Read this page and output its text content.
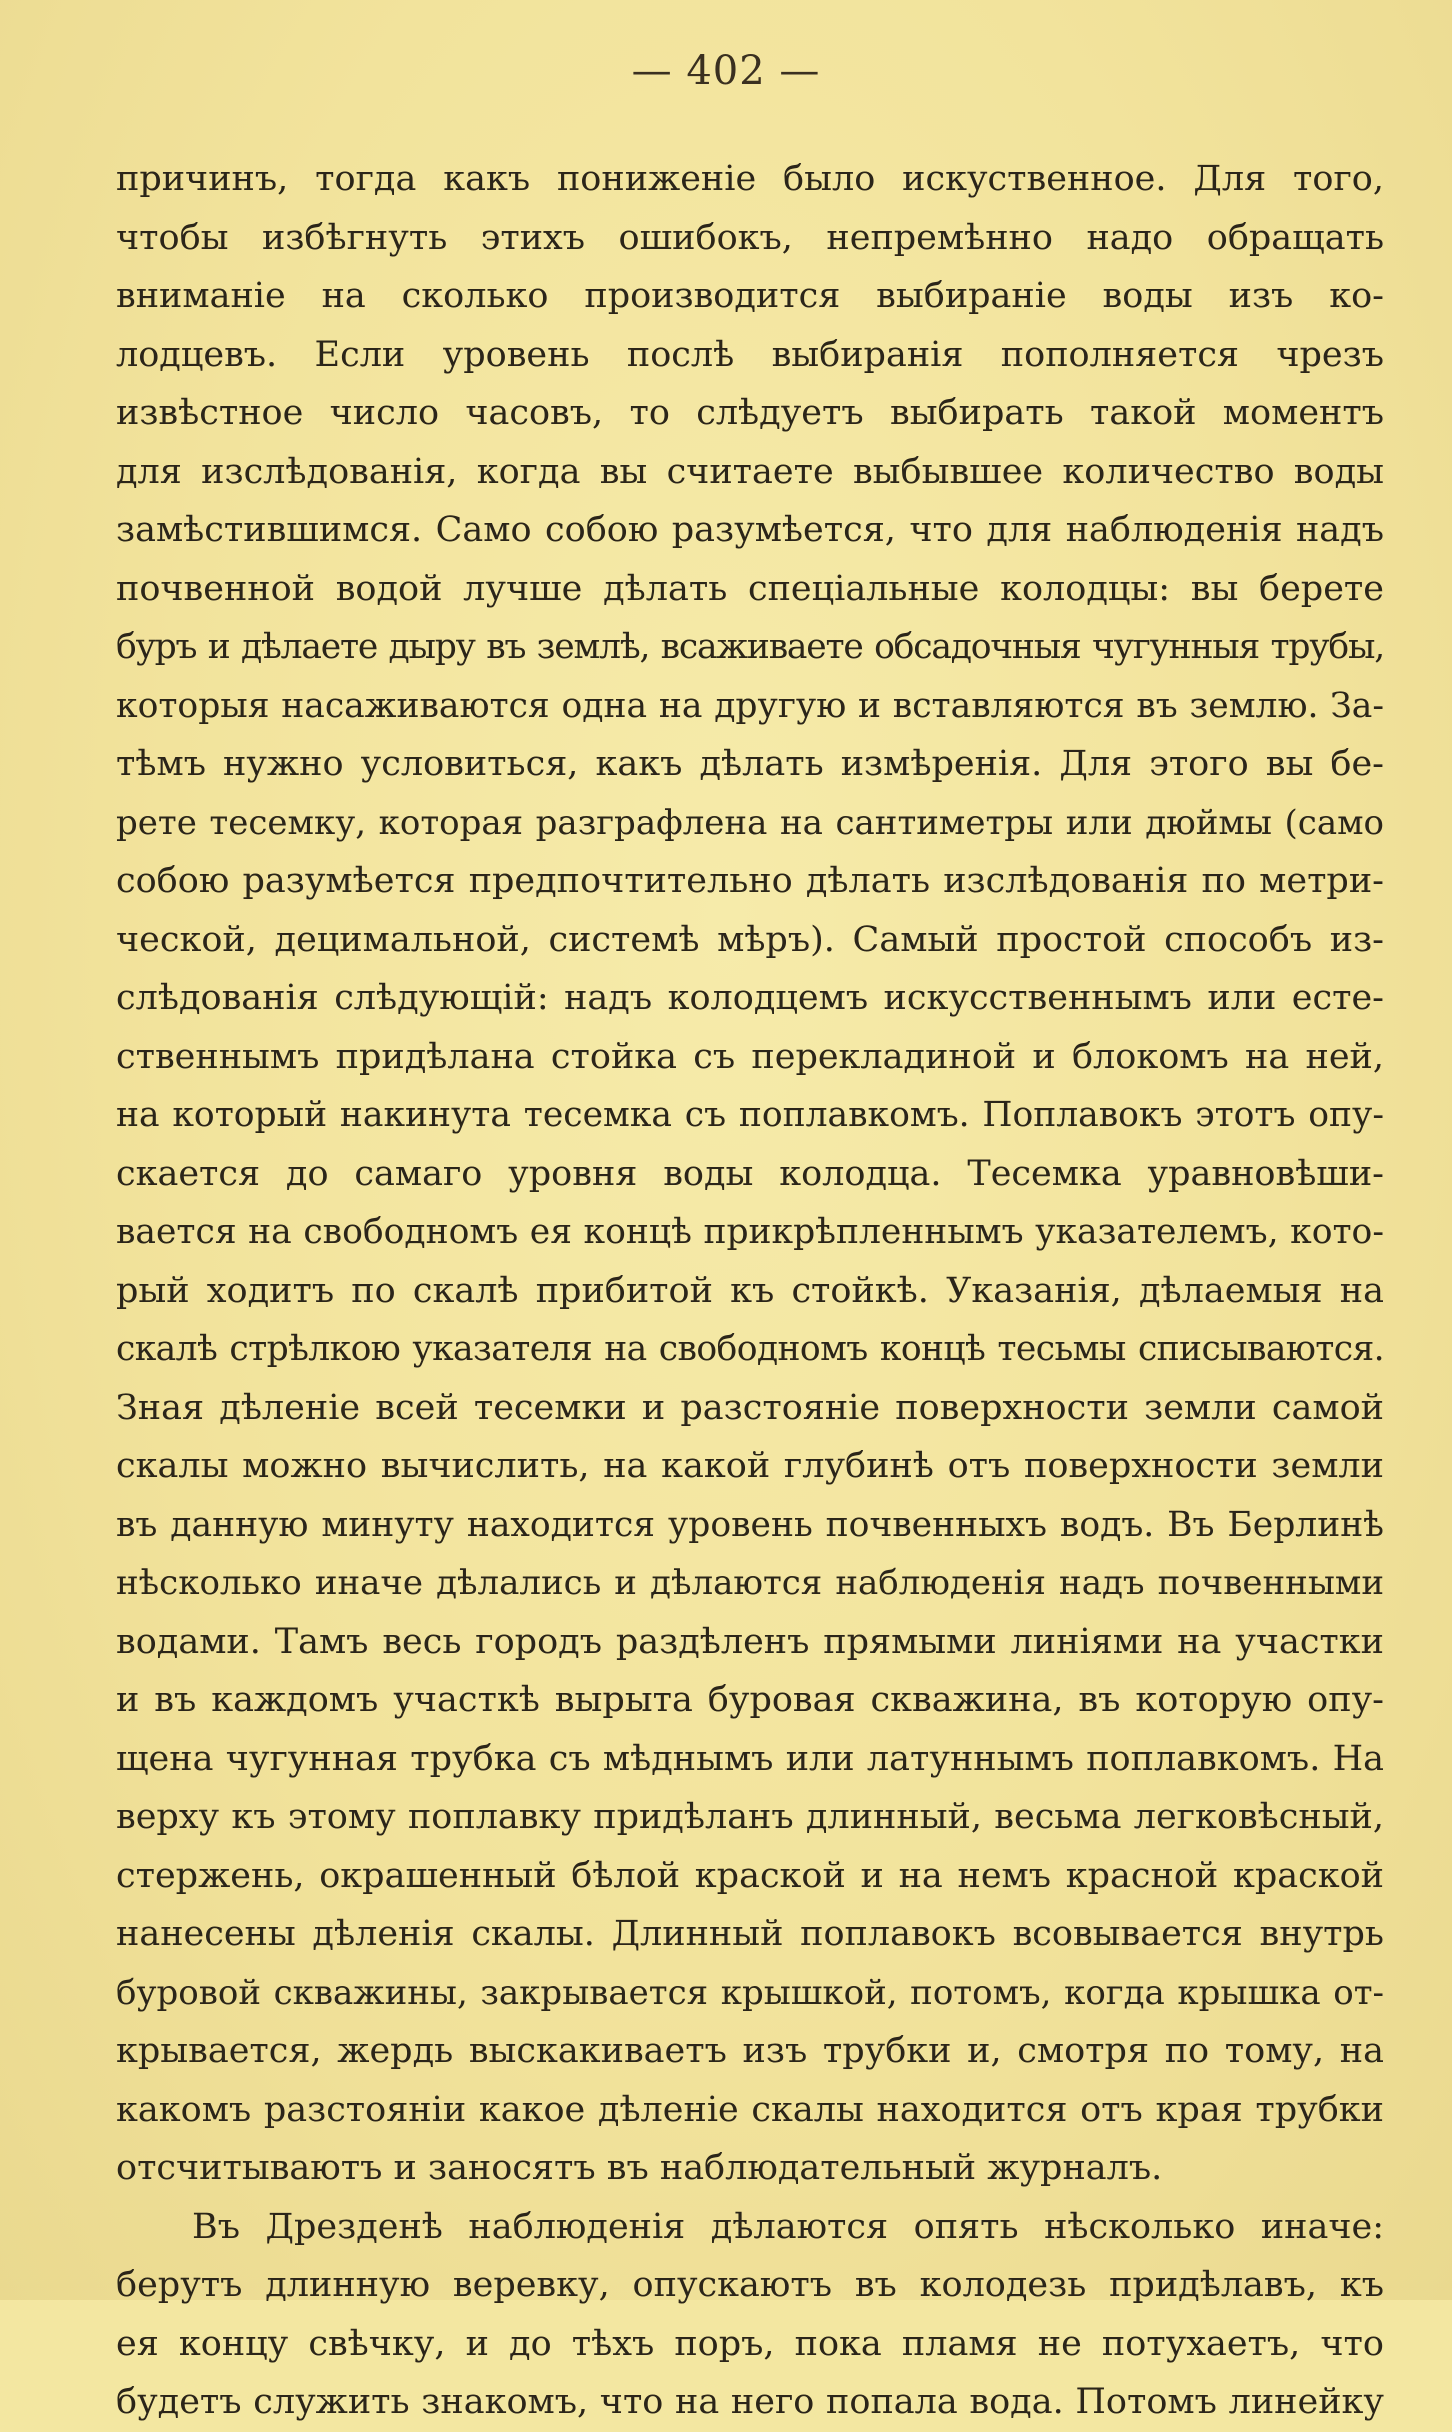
— 402 —
причинъ, тогда какъ пониженіе было искуственное. Для того,
чтобы избѣгнуть этихъ ошибокъ, непремѣнно надо обращать
вниманіе на сколько производится выбираніе воды изъ ко-
лодцевъ. Если уровень послѣ выбиранія пополняется чрезъ
извѣстное число часовъ, то слѣдуетъ выбирать такой моментъ
для изслѣдованія, когда вы считаете выбывшее количество воды
замѣстившимся. Само собою разумѣется, что для наблюденія надъ
почвенной водой лучше дѣлать спеціальные колодцы: вы берете
буръ и дѣлаете дыру въ землѣ, всаживаете обсадочныя чугунныя трубы,
которыя насаживаются одна на другую и вставляются въ землю. За-
тѣмъ нужно условиться, какъ дѣлать измѣренія. Для этого вы бе-
рете тесемку, которая разграфлена на сантиметры или дюймы (само
собою разумѣется предпочтительно дѣлать изслѣдованія по метри-
ческой, децимальной, системѣ мѣръ). Самый простой способъ из-
слѣдованія слѣдующій: надъ колодцемъ искусственнымъ или есте-
ственнымъ придѣлана стойка съ перекладиной и блокомъ на ней,
на который накинута тесемка съ поплавкомъ. Поплавокъ этотъ опу-
скается до самаго уровня воды колодца. Тесемка уравновѣши-
вается на свободномъ ея концѣ прикрѣпленнымъ указателемъ, кото-
рый ходитъ по скалѣ прибитой къ стойкѣ. Указанія, дѣлаемыя на
скалѣ стрѣлкою указателя на свободномъ концѣ тесьмы списываются.
Зная дѣленіе всей тесемки и разстояніе поверхности земли самой
скалы можно вычислить, на какой глубинѣ отъ поверхности земли
въ данную минуту находится уровень почвенныхъ водъ. Въ Берлинѣ
нѣсколько иначе дѣлались и дѣлаются наблюденія надъ почвенными
водами. Тамъ весь городъ раздѣленъ прямыми линіями на участки
и въ каждомъ участкѣ вырыта буровая скважина, въ которую опу-
щена чугунная трубка съ мѣднымъ или латуннымъ поплавкомъ. На
верху къ этому поплавку придѣланъ длинный, весьма легковѣсный,
стержень, окрашенный бѣлой краской и на немъ красной краской
нанесены дѣленія скалы. Длинный поплавокъ всовывается внутрь
буровой скважины, закрывается крышкой, потомъ, когда крышка от-
крывается, жердь выскакиваетъ изъ трубки и, смотря по тому, на
какомъ разстояніи какое дѣленіе скалы находится отъ края трубки
отсчитываютъ и заносятъ въ наблюдательный журналъ.
Въ Дрезденѣ наблюденія дѣлаются опять нѣсколько иначе:
берутъ длинную веревку, опускаютъ въ колодезь придѣлавъ, къ
ея концу свѣчку, и до тѣхъ поръ, пока пламя не потухаетъ, что
будетъ служить знакомъ, что на него попала вода. Потомъ линейку
